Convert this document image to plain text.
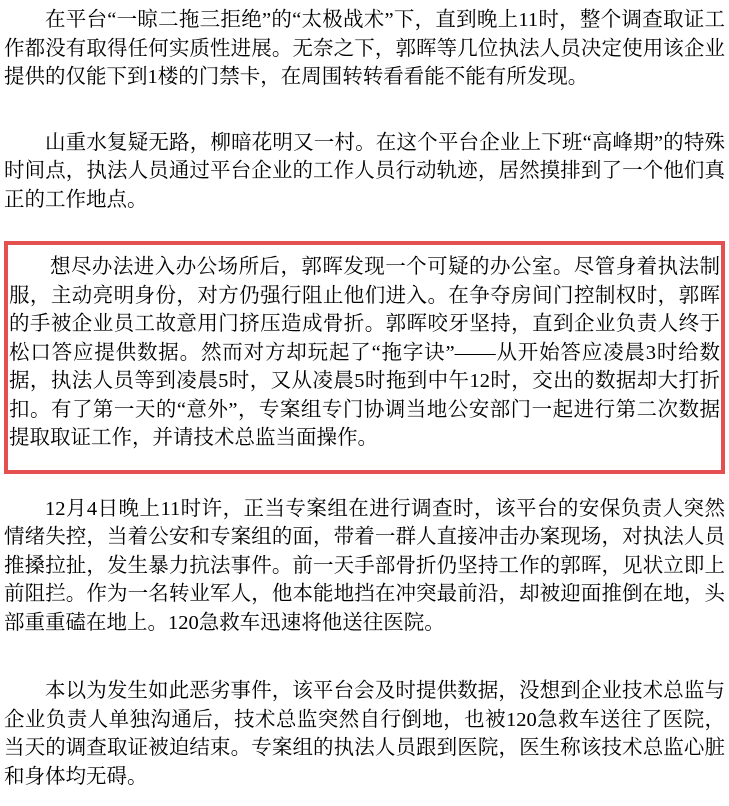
在平台“一晾二拖三拒绝”的“太极战术”下，直到晚上11时，整个调查取证工作都没有取得任何实质性进展。无奈之下，郭晖等几位执法人员决定使用该企业提供的仅能下到1楼的门禁卡，在周围转转看看能不能有所发现。

山重水复疑无路，柳暗花明又一村。在这个平台企业上下班“高峰期”的特殊时间点，执法人员通过平台企业的工作人员行动轨迹，居然摸排到了一个他们真正的工作地点。

想尽办法进入办公场所后，郭晖发现一个可疑的办公室。尽管身着执法制服，主动亮明身份，对方仍强行阻止他们进入。在争夺房间门控制权时，郭晖的手被企业员工故意用门挤压造成骨折。郭晖咬牙坚持，直到企业负责人终于松口答应提供数据。然而对方却玩起了“拖字诀”——从开始答应凌晨3时给数据，执法人员等到凌晨5时，又从凌晨5时拖到中午12时，交出的数据却大打折扣。有了第一天的“意外”，专案组专门协调当地公安部门一起进行第二次数据提取取证工作，并请技术总监当面操作。

12月4日晚上11时许，正当专案组在进行调查时，该平台的安保负责人突然情绪失控，当着公安和专案组的面，带着一群人直接冲击办案现场，对执法人员推搡拉扯，发生暴力抗法事件。前一天手部骨折仍坚持工作的郭晖，见状立即上前阻拦。作为一名转业军人，他本能地挡在冲突最前沿，却被迎面推倒在地，头部重重磕在地上。120急救车迅速将他送往医院。

本以为发生如此恶劣事件，该平台会及时提供数据，没想到企业技术总监与企业负责人单独沟通后，技术总监突然自行倒地，也被120急救车送往了医院，当天的调查取证被迫结束。专案组的执法人员跟到医院，医生称该技术总监心脏和身体均无碍。
